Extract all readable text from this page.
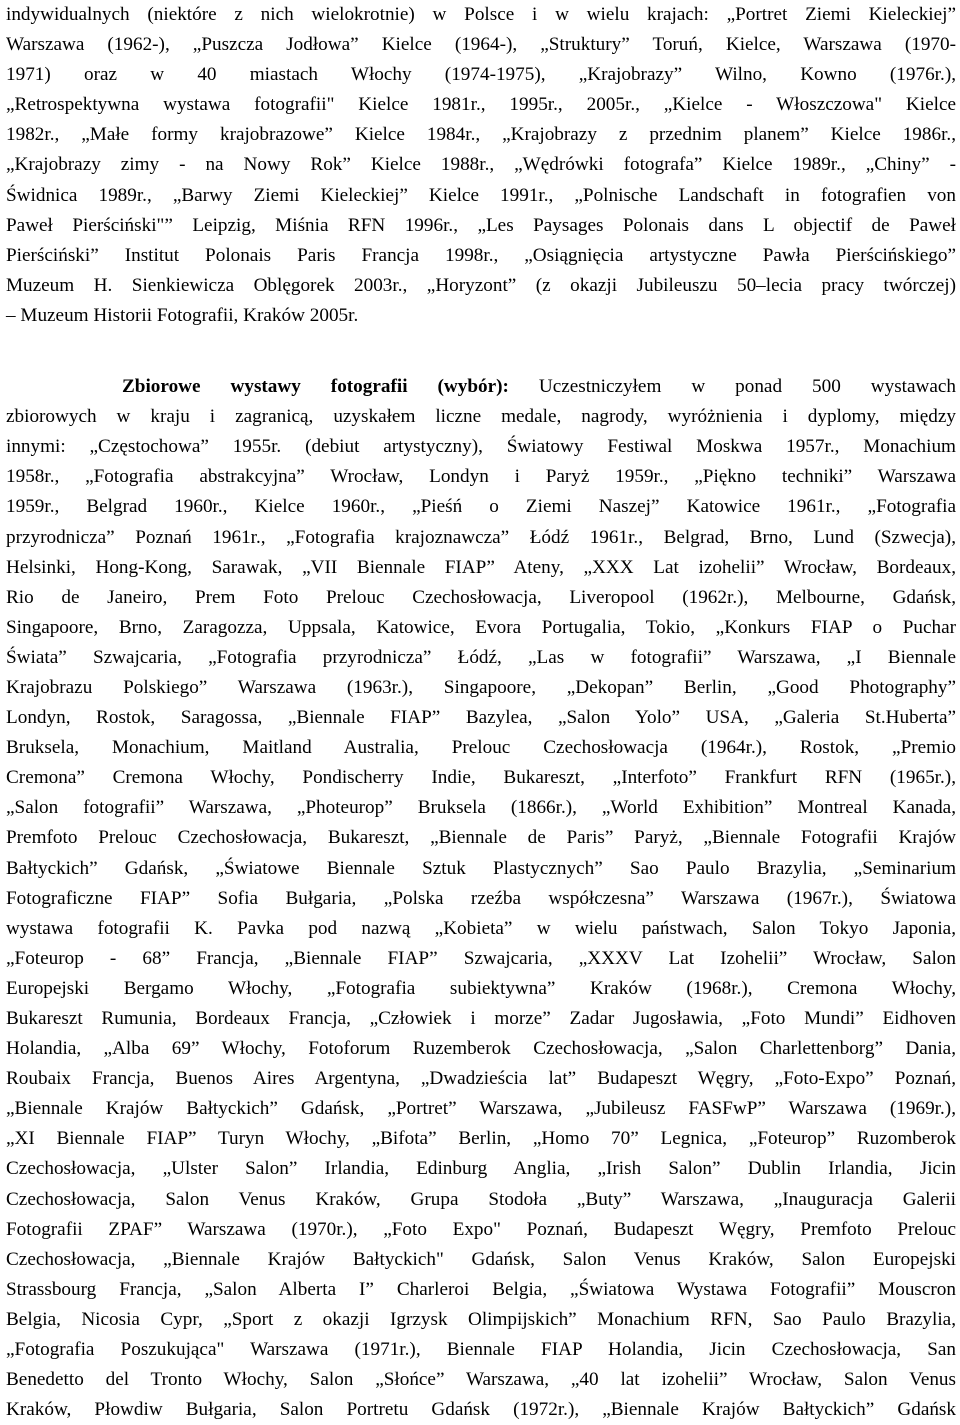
indywidualnych (niektóre z nich wielokrotnie) w Polsce i w wielu krajach: „Portret Ziemi Kieleckiej”
Warszawa (1962-), „Puszcza Jodłowa” Kielce (1964-), „Struktury” Toruń, Kielce, Warszawa (1970-
1971) oraz w 40 miastach Włochy (1974-1975), „Krajobrazy” Wilno, Kowno (1976r.),
„Retrospektywna wystawa fotografii" Kielce 1981r., 1995r., 2005r., „Kielce - Włoszczowa" Kielce
1982r., „Małe formy krajobrazowe” Kielce 1984r., „Krajobrazy z przednim planem” Kielce 1986r.,
„Krajobrazy zimy - na Nowy Rok” Kielce 1988r., „Wędrówki fotografa” Kielce 1989r., „Chiny” -
Świdnica 1989r., „Barwy Ziemi Kieleckiej” Kielce 1991r., „Polnische Landschaft in fotografien von
Paweł Pierściński"” Leipzig, Miśnia RFN 1996r., „Les Paysages Polonais dans L objectif de Paweł
Pierściński” Institut Polonais Paris Francja 1998r., „Osiągnięcia artystyczne Pawła Pierścińskiego”
Muzeum H. Sienkiewicza Oblęgorek 2003r., „Horyzont” (z okazji Jubileuszu 50–lecia pracy twórczej)
– Muzeum Historii Fotografii, Kraków 2005r.
Zbiorowe wystawy fotografii (wybór): Uczestniczyłem w ponad 500 wystawach
zbiorowych w kraju i zagranicą, uzyskałem liczne medale, nagrody, wyróżnienia i dyplomy, między
innymi: „Częstochowa” 1955r. (debiut artystyczny), Światowy Festiwal Moskwa 1957r., Monachium
1958r., „Fotografia abstrakcyjna” Wrocław, Londyn i Paryż 1959r., „Piękno techniki” Warszawa
1959r., Belgrad 1960r., Kielce 1960r., „Pieśń o Ziemi Naszej” Katowice 1961r., „Fotografia
przyrodnicza” Poznań 1961r., „Fotografia krajoznawcza” Łódź 1961r., Belgrad, Brno, Lund (Szwecja),
Helsinki, Hong-Kong, Sarawak, „VII Biennale FIAP” Ateny, „XXX Lat izohelii” Wrocław, Bordeaux,
Rio de Janeiro, Prem Foto Prelouc Czechosłowacja, Liveropool (1962r.), Melbourne, Gdańsk,
Singapoore, Brno, Zaragozza, Uppsala, Katowice, Evora Portugalia, Tokio, „Konkurs FIAP o Puchar
Świata” Szwajcaria, „Fotografia przyrodnicza” Łódź, „Las w fotografii” Warszawa, „I Biennale
Krajobrazu Polskiego” Warszawa (1963r.), Singapoore, „Dekopan” Berlin, „Good Photography”
Londyn, Rostok, Saragossa, „Biennale FIAP” Bazylea, „Salon Yolo” USA, „Galeria St.Huberta”
Bruksela, Monachium, Maitland Australia, Prelouc Czechosłowacja (1964r.), Rostok, „Premio
Cremona” Cremona Włochy, Pondischerry Indie, Bukareszt, „Interfoto” Frankfurt RFN (1965r.),
„Salon fotografii” Warszawa, „Photeurop” Bruksela (1866r.), „World Exhibition” Montreal Kanada,
Premfoto Prelouc Czechosłowacja, Bukareszt, „Biennale de Paris” Paryż, „Biennale Fotografii Krajów
Bałtyckich” Gdańsk, „Światowe Biennale Sztuk Plastycznych” Sao Paulo Brazylia, „Seminarium
Fotograficzne FIAP” Sofia Bułgaria, „Polska rzeźba współczesna” Warszawa (1967r.), Światowa
wystawa fotografii K. Pavka pod nazwą „Kobieta” w wielu państwach, Salon Tokyo Japonia,
„Foteurop - 68” Francja, „Biennale FIAP” Szwajcaria, „XXXV Lat Izohelii” Wrocław, Salon
Europejski Bergamo Włochy, „Fotografia subiektywna” Kraków (1968r.), Cremona Włochy,
Bukareszt Rumunia, Bordeaux Francja, „Człowiek i morze” Zadar Jugosławia, „Foto Mundi” Eidhoven
Holandia, „Alba 69” Włochy, Fotoforum Ruzemberok Czechosłowacja, „Salon Charlettenborg” Dania,
Roubaix Francja, Buenos Aires Argentyna, „Dwadzieścia lat” Budapeszt Węgry, „Foto-Expo” Poznań,
„Biennale Krajów Bałtyckich” Gdańsk, „Portret” Warszawa, „Jubileusz FASFwP” Warszawa (1969r.),
„XI Biennale FIAP” Turyn Włochy, „Bifota” Berlin, „Homo 70” Legnica, „Foteurop” Ruzomberok
Czechosłowacja, „Ulster Salon” Irlandia, Edinburg Anglia, „Irish Salon” Dublin Irlandia, Jicin
Czechosłowacja, Salon Venus Kraków, Grupa Stodoła „Buty” Warszawa, „Inauguracja Galerii
Fotografii ZPAF” Warszawa (1970r.), „Foto Expo" Poznań, Budapeszt Węgry, Premfoto Prelouc
Czechosłowacja, „Biennale Krajów Bałtyckich" Gdańsk, Salon Venus Kraków, Salon Europejski
Strassbourg Francja, „Salon Alberta I” Charleroi Belgia, „Światowa Wystawa Fotografii” Mouscron
Belgia, Nicosia Cypr, „Sport z okazji Igrzysk Olimpijskich” Monachium RFN, Sao Paulo Brazylia,
„Fotografia Poszukująca" Warszawa (1971r.), Biennale FIAP Holandia, Jicin Czechosłowacja, San
Benedetto del Tronto Włochy, Salon „Słońce” Warszawa, „40 lat izohelii” Wrocław, Salon Venus
Kraków, Płowdiw Bułgaria, Salon Portretu Gdańsk (1972r.), „Biennale Krajów Bałtyckich” Gdańsk
